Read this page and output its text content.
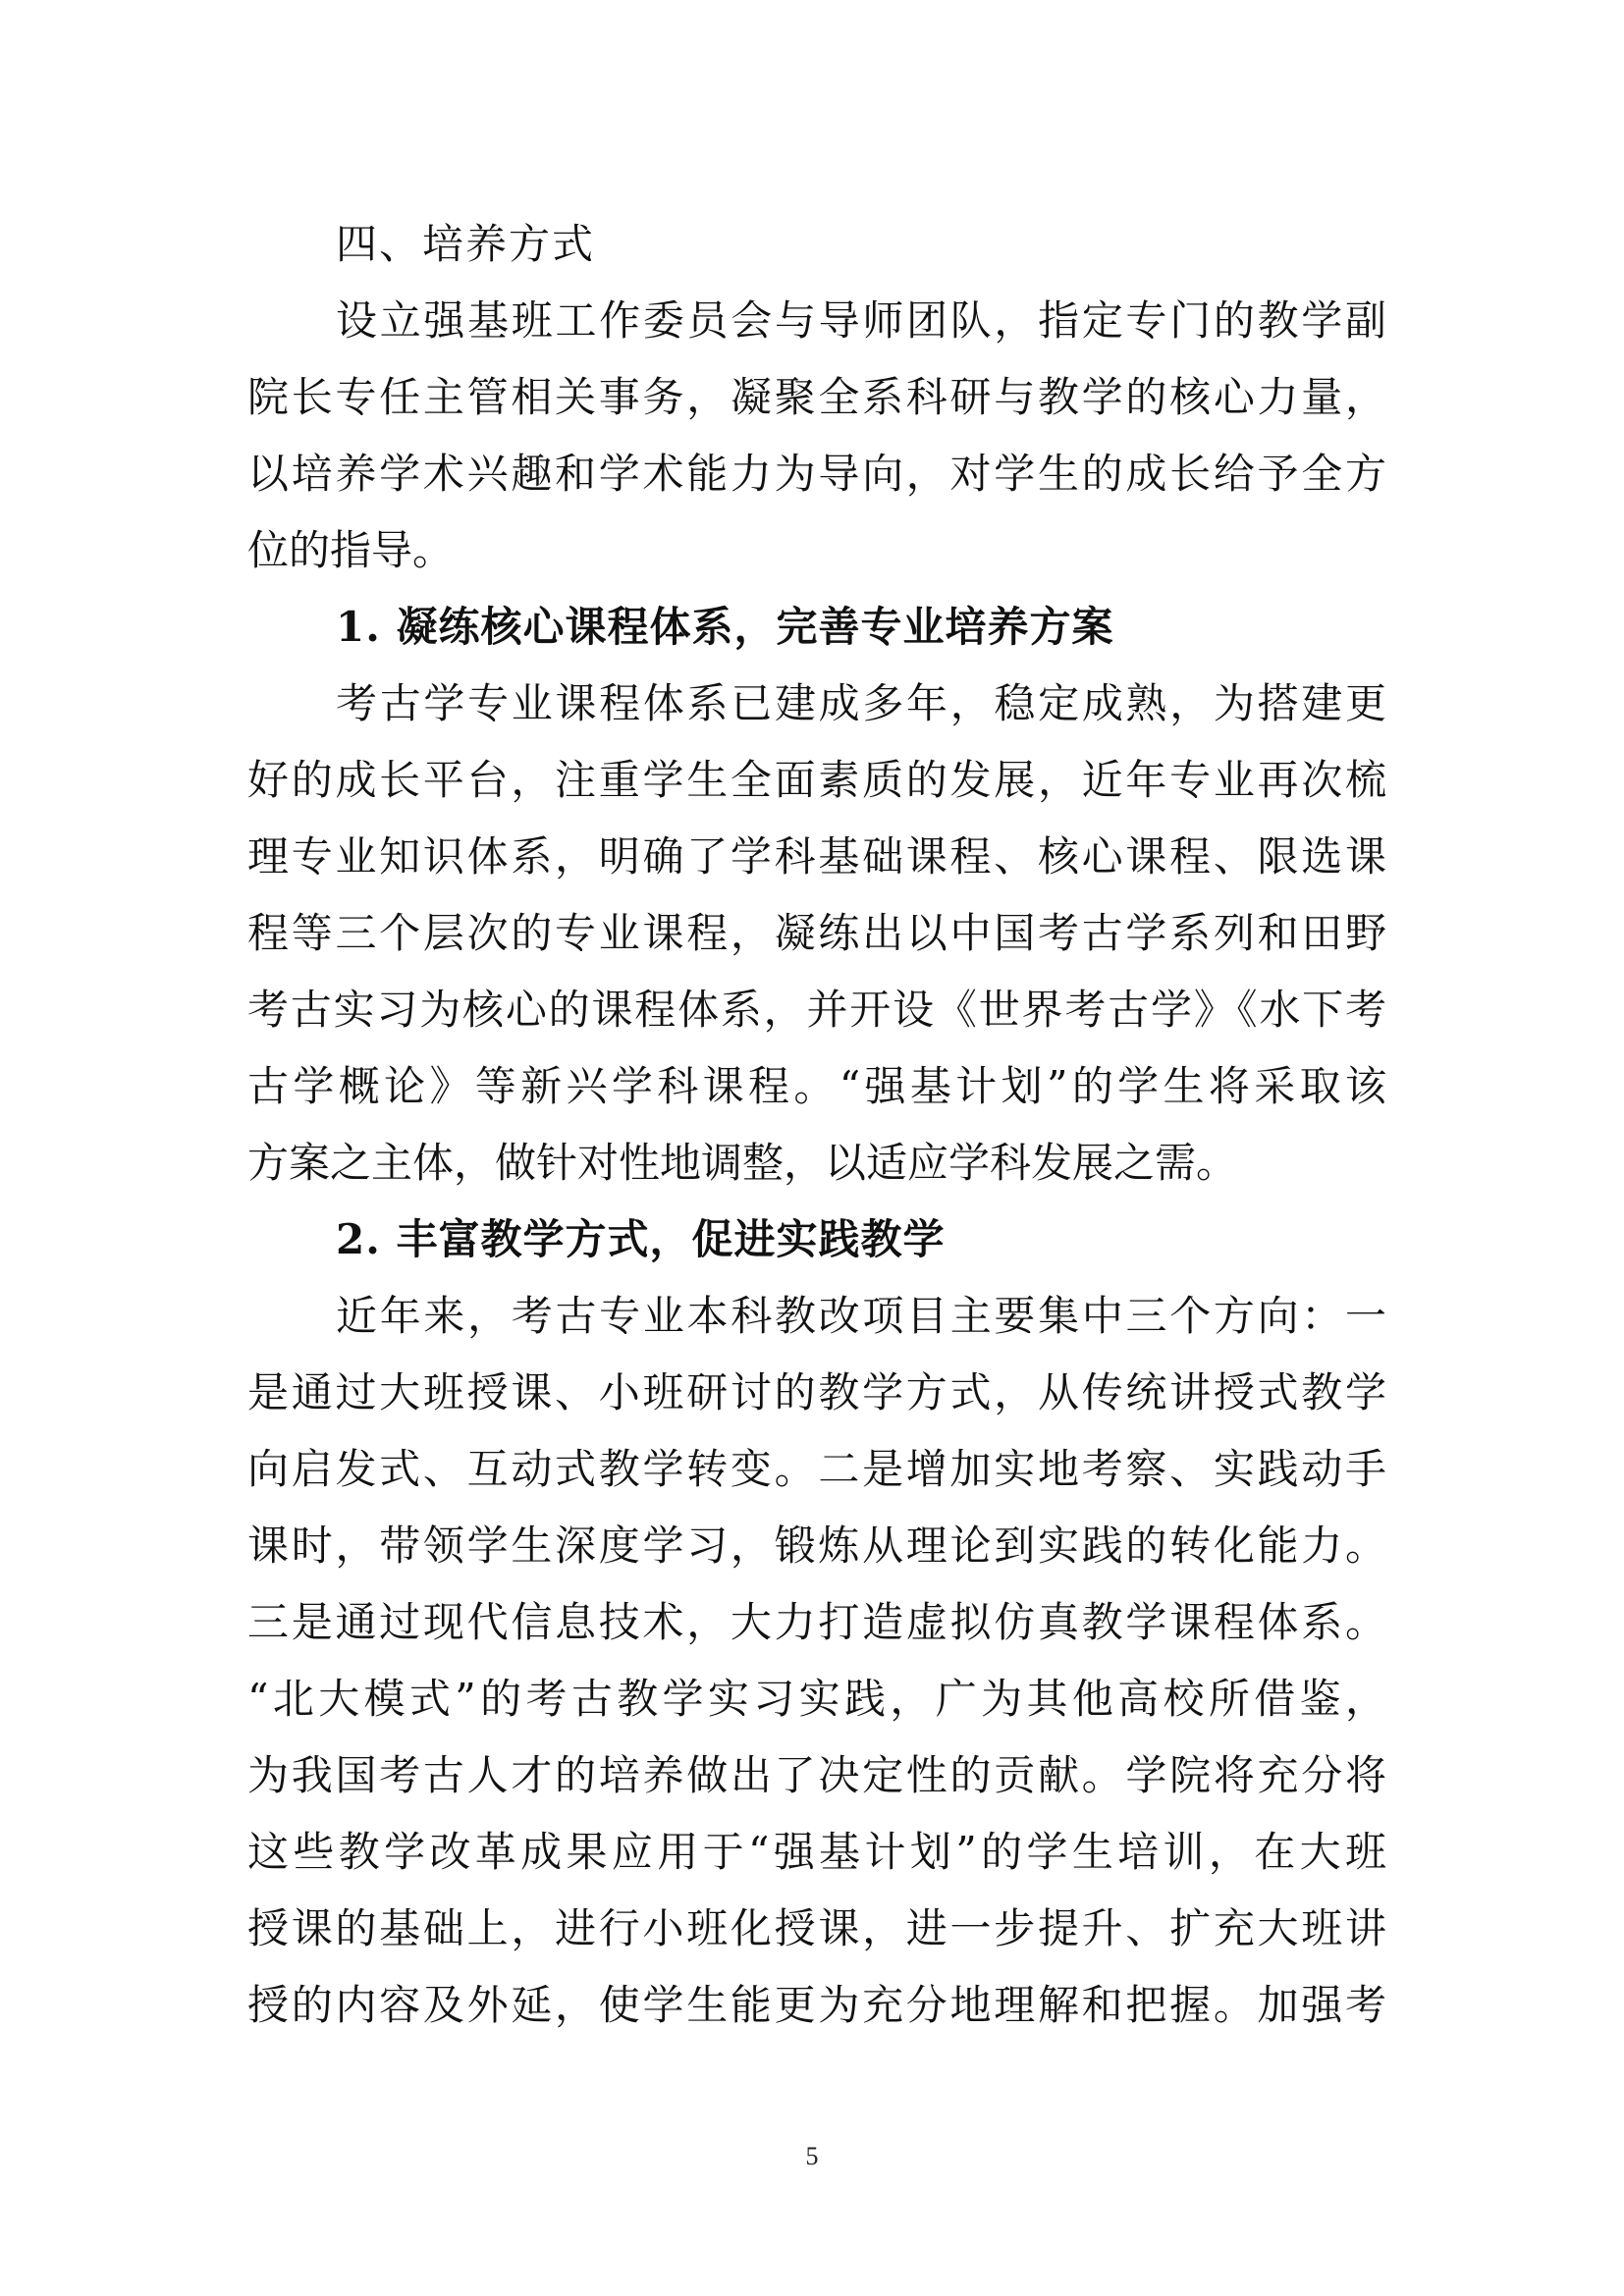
四、培养方式
设立强基班工作委员会与导师团队，指定专门的教学副
院长专任主管相关事务，凝聚全系科研与教学的核心力量，
以培养学术兴趣和学术能力为导向，对学生的成长给予全方
位的指导。
1. 凝练核心课程体系，完善专业培养方案
考古学专业课程体系已建成多年，稳定成熟，为搭建更
好的成长平台，注重学生全面素质的发展，近年专业再次梳
理专业知识体系，明确了学科基础课程、核心课程、限选课
程等三个层次的专业课程，凝练出以中国考古学系列和田野
考古实习为核心的课程体系，并开设《世界考古学》《水下考
古学概论》等新兴学科课程。“强基计划”的学生将采取该
方案之主体，做针对性地调整，以适应学科发展之需。
2. 丰富教学方式，促进实践教学
近年来，考古专业本科教改项目主要集中三个方向：一
是通过大班授课、小班研讨的教学方式，从传统讲授式教学
向启发式、互动式教学转变。二是增加实地考察、实践动手
课时，带领学生深度学习，锻炼从理论到实践的转化能力。
三是通过现代信息技术，大力打造虚拟仿真教学课程体系。
“北大模式”的考古教学实习实践，广为其他高校所借鉴，
为我国考古人才的培养做出了决定性的贡献。学院将充分将
这些教学改革成果应用于“强基计划”的学生培训，在大班
授课的基础上，进行小班化授课，进一步提升、扩充大班讲
授的内容及外延，使学生能更为充分地理解和把握。加强考
5
